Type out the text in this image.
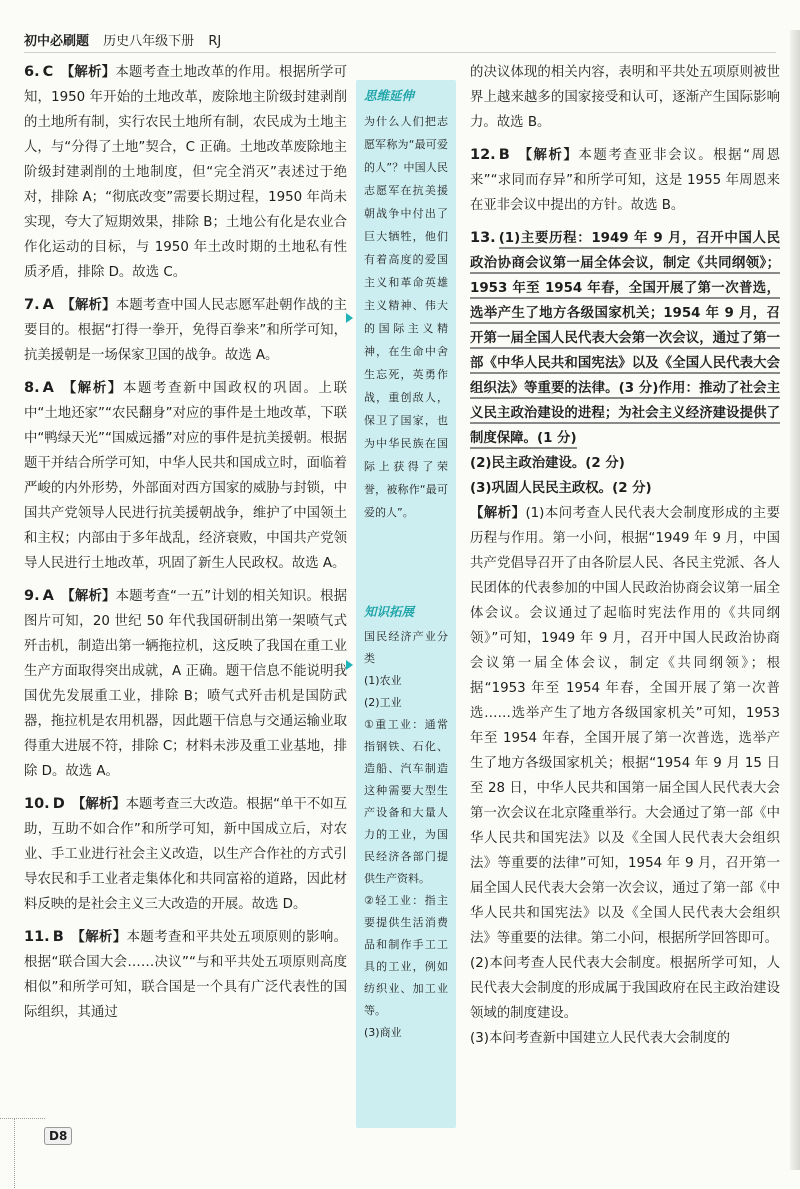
初中必刷题 历史八年级下册 RJ
6. C 【解析】本题考查土地改革的作用。根据所学可知，1950 年开始的土地改革，废除地主阶级封建剥削的土地所有制，实行农民土地所有制，农民成为土地主人，与“分得了土地”契合，C 正确。土地改革废除地主阶级封建剥削的土地制度，但“完全消灭”表述过于绝对，排除 A；“彻底改变”需要长期过程，1950 年尚未实现，夸大了短期效果，排除 B；土地公有化是农业合作化运动的目标，与 1950 年土改时期的土地私有性质矛盾，排除 D。故选 C。
7. A 【解析】本题考查中国人民志愿军赴朝作战的主要目的。根据“打得一拳开，免得百拳来”和所学可知，抗美援朝是一场保家卫国的战争。故选 A。
8. A 【解析】本题考查新中国政权的巩固。上联中“土地还家”“农民翻身”对应的事件是土地改革，下联中“鸭绿天光”“国威远播”对应的事件是抗美援朝。根据题干并结合所学可知，中华人民共和国成立时，面临着严峻的内外形势，外部面对西方国家的威胁与封锁，中国共产党领导人民进行抗美援朝战争，维护了中国领土和主权；内部由于多年战乱，经济衰败，中国共产党领导人民进行土地改革，巩固了新生人民政权。故选 A。
9. A 【解析】本题考查“一五”计划的相关知识。根据图片可知，20 世纪 50 年代我国研制出第一架喷气式歼击机，制造出第一辆拖拉机，这反映了我国在重工业生产方面取得突出成就，A 正确。题干信息不能说明我国优先发展重工业，排除 B；喷气式歼击机是国防武器，拖拉机是农用机器，因此题干信息与交通运输业取得重大进展不符，排除 C；材料未涉及重工业基地，排除 D。故选 A。
10. D 【解析】本题考查三大改造。根据“单干不如互助，互助不如合作”和所学可知，新中国成立后，对农业、手工业进行社会主义改造，以生产合作社的方式引导农民和手工业者走集体化和共同富裕的道路，因此材料反映的是社会主义三大改造的开展。故选 D。
11. B 【解析】本题考查和平共处五项原则的影响。根据“联合国大会……决议”“与和平共处五项原则高度相似”和所学可知，联合国是一个具有广泛代表性的国际组织，其通过
思维延伸

为什么人们把志愿军称为“最可爱的人”？中国人民志愿军在抗美援朝战争中付出了巨大牺牲，他们有着高度的爱国主义和革命英雄主义精神、伟大的国际主义精神，在生命中舍生忘死，英勇作战，重创敌人，保卫了国家，也为中华民族在国际上获得了荣誉，被称作“最可爱的人”。

知识拓展

国民经济产业分类

(1)农业

(2)工业

①重工业：通常指钢铁、石化、造船、汽车制造这种需要大型生产设备和大量人力的工业，为国民经济各部门提供生产资料。

②轻工业：指主要提供生活消费品和制作手工工具的工业，例如纺织业、加工业等。

(3)商业

的决议体现的相关内容，表明和平共处五项原则被世界上越来越多的国家接受和认可，逐渐产生国际影响力。故选 B。
12. B 【解析】本题考查亚非会议。根据“周恩来”“求同而存异”和所学可知，这是 1955 年周恩来在亚非会议中提出的方针。故选 B。
13. (1)主要历程：1949 年 9 月，召开中国人民政治协商会议第一届全体会议，制定《共同纲领》；1953 年至 1954 年春，全国开展了第一次普选，选举产生了地方各级国家机关；1954 年 9 月，召开第一届全国人民代表大会第一次会议，通过了第一部《中华人民共和国宪法》以及《全国人民代表大会组织法》等重要的法律。(3 分)作用：推动了社会主义民主政治建设的进程；为社会主义经济建设提供了制度保障。(1 分)

(2)民主政治建设。(2 分)

(3)巩固人民民主政权。(2 分)

【解析】(1)本问考查人民代表大会制度形成的主要历程与作用。第一小问，根据“1949 年 9 月，中国共产党倡导召开了由各阶层人民、各民主党派、各人民团体的代表参加的中国人民政治协商会议第一届全体会议。会议通过了起临时宪法作用的《共同纲领》”可知，1949 年 9 月，召开中国人民政治协商会议第一届全体会议，制定《共同纲领》；根据“1953 年至 1954 年春，全国开展了第一次普选……选举产生了地方各级国家机关”可知，1953 年至 1954 年春，全国开展了第一次普选，选举产生了地方各级国家机关；根据“1954 年 9 月 15 日至 28 日，中华人民共和国第一届全国人民代表大会第一次会议在北京隆重举行。大会通过了第一部《中华人民共和国宪法》以及《全国人民代表大会组织法》等重要的法律”可知，1954 年 9 月，召开第一届全国人民代表大会第一次会议，通过了第一部《中华人民共和国宪法》以及《全国人民代表大会组织法》等重要的法律。第二小问，根据所学回答即可。

(2)本问考查人民代表大会制度。根据所学可知，人民代表大会制度的形成属于我国政府在民主政治建设领域的制度建设。

(3)本问考查新中国建立人民代表大会制度的

D8
